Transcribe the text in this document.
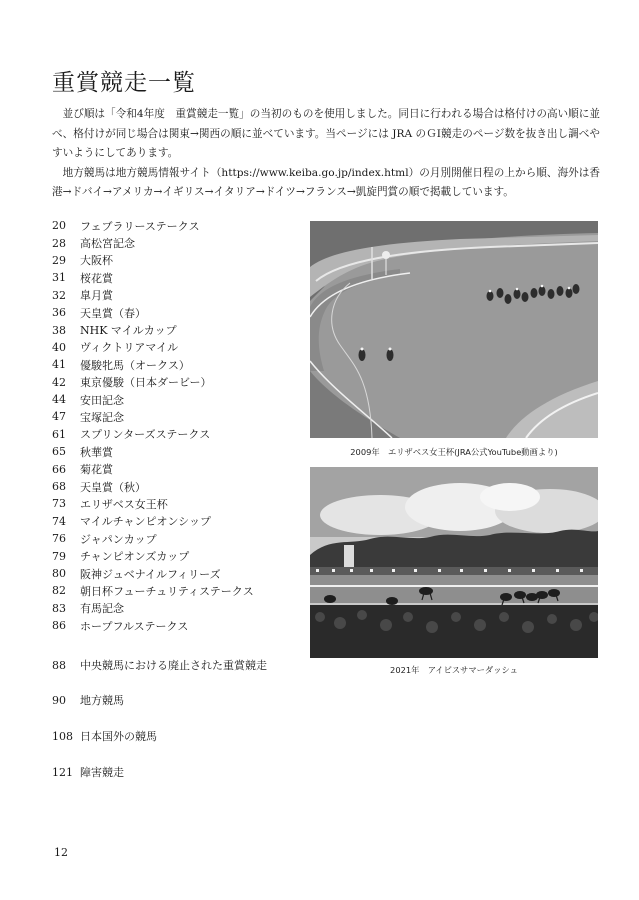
重賞競走一覧

並び順は「令和4年度　重賞競走一覧」の当初のものを使用しました。同日に行われる場合は格付けの高い順に並べ、格付けが同じ場合は関東→関西の順に並べています。当ページには JRA のＧⅠ競走のページ数を抜き出し調べやすいようにしてあります。

地方競馬は地方競馬情報サイト（https://www.keiba.go.jp/index.html）の月別開催日程の上から順、海外は香港→ドバイ→アメリカ→イギリス→イタリア→ドイツ→フランス→凱旋門賞の順で掲載しています。

20	フェブラリーステークス
28	高松宮記念
29	大阪杯
31	桜花賞
32	皐月賞
36	天皇賞（春）
38	NHK マイルカップ
40	ヴィクトリアマイル
41	優駿牝馬（オークス）
42	東京優駿（日本ダービー）
44	安田記念
47	宝塚記念
61	スプリンターズステークス
65	秋華賞
66	菊花賞
68	天皇賞（秋）
73	エリザベス女王杯
74	マイルチャンピオンシップ
76	ジャパンカップ
79	チャンピオンズカップ
80	阪神ジュベナイルフィリーズ
82	朝日杯フューチュリティステークス
83	有馬記念
86	ホープフルステークス
88	中央競馬における廃止された重賞競走
90	地方競馬
108 日本国外の競馬
121 障害競走
2009年　エリザベス女王杯(JRA公式YouTube動画より)
2021年　アイビスサマーダッシュ
12
